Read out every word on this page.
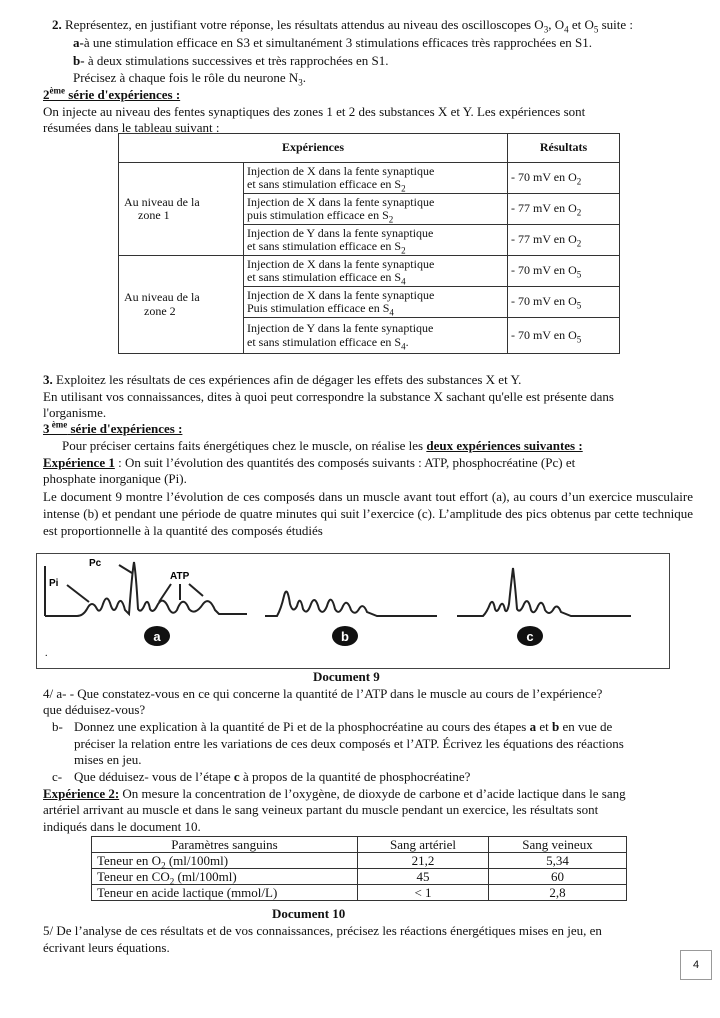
2. Représentez, en justifiant votre réponse, les résultats attendus au niveau des oscilloscopes $O_3$, $O_4$ et $O_5$ suite :
a-à une stimulation efficace en S3 et simultanément 3 stimulations efficaces très rapprochées en S1.
b- à deux stimulations successives et très rapprochées en S1.
Précisez à chaque fois le rôle du neurone $N_3$.
2ème série d'expériences :
On injecte au niveau des fentes synaptiques des zones 1 et 2 des substances X et Y. Les expériences sont
résumées dans le tableau suivant :
Expériences		Résultats

Au niveau de la
zone 1	Injection de X dans la fente synaptique
et sans stimulation efficace en $S_2$	- 70 mV en $O_2$
	Injection de X dans la fente synaptique
puis stimulation efficace en $S_2$	- 77 mV en $O_2$
	Injection de Y dans la fente synaptique
et sans stimulation efficace en $S_2$	- 77 mV en $O_2$

Au niveau de la
zone 2	Injection de X dans la fente synaptique
et sans stimulation efficace en $S_4$	- 70 mV en $O_5$
	Injection de X dans la fente synaptique
Puis stimulation efficace en $S_4$	- 70 mV en $O_5$
	Injection de Y dans la fente synaptique
et sans stimulation efficace en $S_4$.	- 70 mV en $O_5$
3. Exploitez les résultats de ces expériences afin de dégager les effets des substances X et Y.
En utilisant vos connaissances, dites à quoi peut correspondre la substance X sachant qu'elle est présente dans
l'organisme.
3 $^{ème}$ série d'expériences :
Pour préciser certains faits énergétiques chez le muscle, on réalise les deux expériences suivantes :
Expérience 1 : On suit l’évolution des quantités des composés suivants : ATP, phosphocréatine (Pc) et
phosphate inorganique (Pi).
Le document 9 montre l’évolution de ces composés dans un muscle avant tout effort (a), au cours d’un exercice musculaire intense (b) et pendant une période de quatre minutes qui suit l’exercice (c). L’amplitude des pics obtenus par cette technique est proportionnelle à la quantité des composés étudiés
Pc
Pi
ATP
a	b	c
.
Document 9
4/ a- - Que constatez-vous en ce qui concerne la quantité de l’ATP dans le muscle au cours de l’expérience?
que déduisez-vous?
b- Donnez une explication à la quantité de Pi et de la phosphocréatine au cours des étapes a et b en vue de
préciser la relation entre les variations de ces deux composés et l’ATP. Écrivez les équations des réactions
mises en jeu.
c- Que déduisez- vous de l’étape c à propos de la quantité de phosphocréatine?
Expérience 2: On mesure la concentration de l’oxygène, de dioxyde de carbone et d’acide lactique dans le sang
artériel arrivant au muscle et dans le sang veineux partant du muscle pendant un exercice, les résultats sont
indiqués dans le document 10.
Paramètres sanguins	Sang artériel	Sang veineux
Teneur en $O_2$ (ml/100ml)	21,2	5,34
Teneur en $CO_2$ (ml/100ml)	45	60
Teneur en acide lactique (mmol/L)	< 1	2,8
Document 10
5/ De l’analyse de ces résultats et de vos connaissances, précisez les réactions énergétiques mises en jeu, en
écrivant leurs équations.
4
